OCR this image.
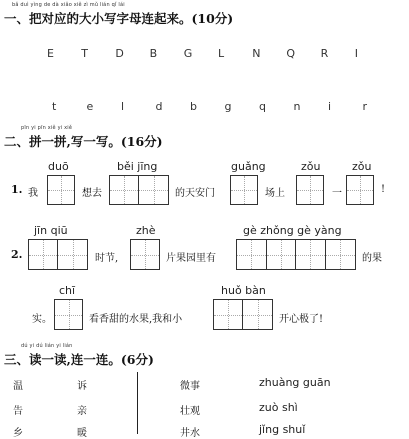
bǎ duì yìng de dà xiǎo xiě zì mǔ lián qǐ lái
一、把对应的大小写字母连起来。(10分)
E T D B G L	N Q R I
t	e	l	d	b	g	q	n	i	r
pīn yi pīn xiě yi xiě
二、拼一拼,写一写。(16分)
duō	běi jīng	guǎng	zǒu	zǒu
1. 我	想去	的天安门	场上	一	!
jīn qiū	zhè	gè zhǒng gè yàng
2.	时节,	片果园里有	的果
chī	huǒ bàn
实。	看香甜的水果,我和小	开心极了!
dú yi dú lián yi lián
三、读一读,连一连。(6分)
温	诉	微事	zhuàng guān
告	亲	壮观	zuò shì
乡	暖	井水	jǐng shuǐ
